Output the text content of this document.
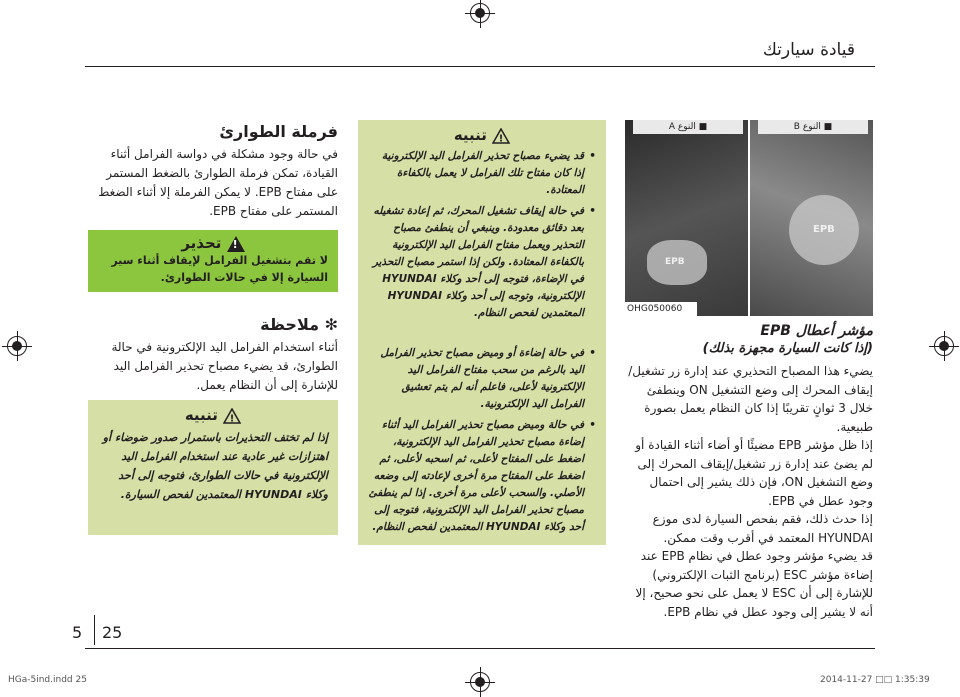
قيادة سيارتك
EPB
EPB
■ النوع B
■ النوع A
OHG050060
مؤشر أعطال EPB
(إذا كانت السيارة مجهزة بذلك)
يضيء هذا المصباح التحذيري عند إدارة زر تشغيل/ إيقاف المحرك إلى وضع التشغيل ON وينطفئ خلال 3 ثوانٍ تقريبًا إذا كان النظام يعمل بصورة طبيعية.
إذا ظل مؤشر EPB مضيئًا أو أضاء أثناء القيادة أو لم يضئ عند إدارة زر تشغيل/إيقاف المحرك إلى وضع التشغيل ON، فإن ذلك يشير إلى احتمال وجود عطل في EPB.
إذا حدث ذلك، فقم بفحص السيارة لدى موزع HYUNDAI المعتمد في أقرب وقت ممكن.
قد يضيء مؤشر وجود عطل في نظام EPB عند إضاءة مؤشر ESC (برنامج الثبات الإلكتروني) للإشارة إلى أن ESC لا يعمل على نحو صحيح، إلا أنه لا يشير إلى وجود عطل في نظام EPB.
!
تنبيه
• قد يضيء مصباح تحذير الفرامل اليد الإلكترونية إذا كان مفتاح تلك الفرامل لا يعمل بالكفاءة المعتادة.
• في حالة إيقاف تشغيل المحرك، ثم إعادة تشغيله بعد دقائق معدودة. وينبغي أن ينطفئ مصباح التحذير ويعمل مفتاح الفرامل اليد الإلكترونية بالكفاءة المعتادة. ولكن إذا استمر مصباح التحذير في الإضاءة، فتوجه إلى أحد وكلاء HYUNDAI الإلكترونية، وتوجه إلى أحد وكلاء HYUNDAI المعتمدين لفحص النظام.
• في حالة إضاءة أو وميض مصباح تحذير الفرامل اليد بالرغم من سحب مفتاح الفرامل اليد الإلكترونية لأعلى، فاعلم أنه لم يتم تعشيق الفرامل اليد الإلكترونية.
• في حالة وميض مصباح تحذير الفرامل اليد أثناء إضاءة مصباح تحذير الفرامل اليد الإلكترونية، اضغط على المفتاح لأعلى، ثم اسحبه لأعلى، ثم اضغط على المفتاح مرة أخرى لإعادته إلى وضعه الأصلي. والسحب لأعلى مرة أخرى. إذا لم ينطفئ مصباح تحذير الفرامل اليد الإلكترونية، فتوجه إلى أحد وكلاء HYUNDAI المعتمدين لفحص النظام.
فرملة الطوارئ
في حالة وجود مشكلة في دواسة الفرامل أثناء القيادة، تمكن فرملة الطوارئ بالضغط المستمر على مفتاح EPB. لا يمكن الفرملة إلا أثناء الضغط المستمر على مفتاح EPB.
! تحذير
لا تقم بتشغيل الفرامل لإيقاف أثناء سير السيارة إلا في حالات الطوارئ.
✻ ملاحظة
أثناء استخدام الفرامل اليد الإلكترونية في حالة الطوارئ، قد يضيء مصباح تحذير الفرامل اليد للإشارة إلى أن النظام يعمل.
!
تنبيه
إذا لم تختف التحذيرات باستمرار صدور ضوضاء أو اهتزازات غير عادية عند استخدام الفرامل اليد الإلكترونية في حالات الطوارئ، فتوجه إلى أحد وكلاء HYUNDAI المعتمدين لفحص السيارة.
5 25
HGa-5ind.indd 25	2014-11-27 □□ 1:35:39
